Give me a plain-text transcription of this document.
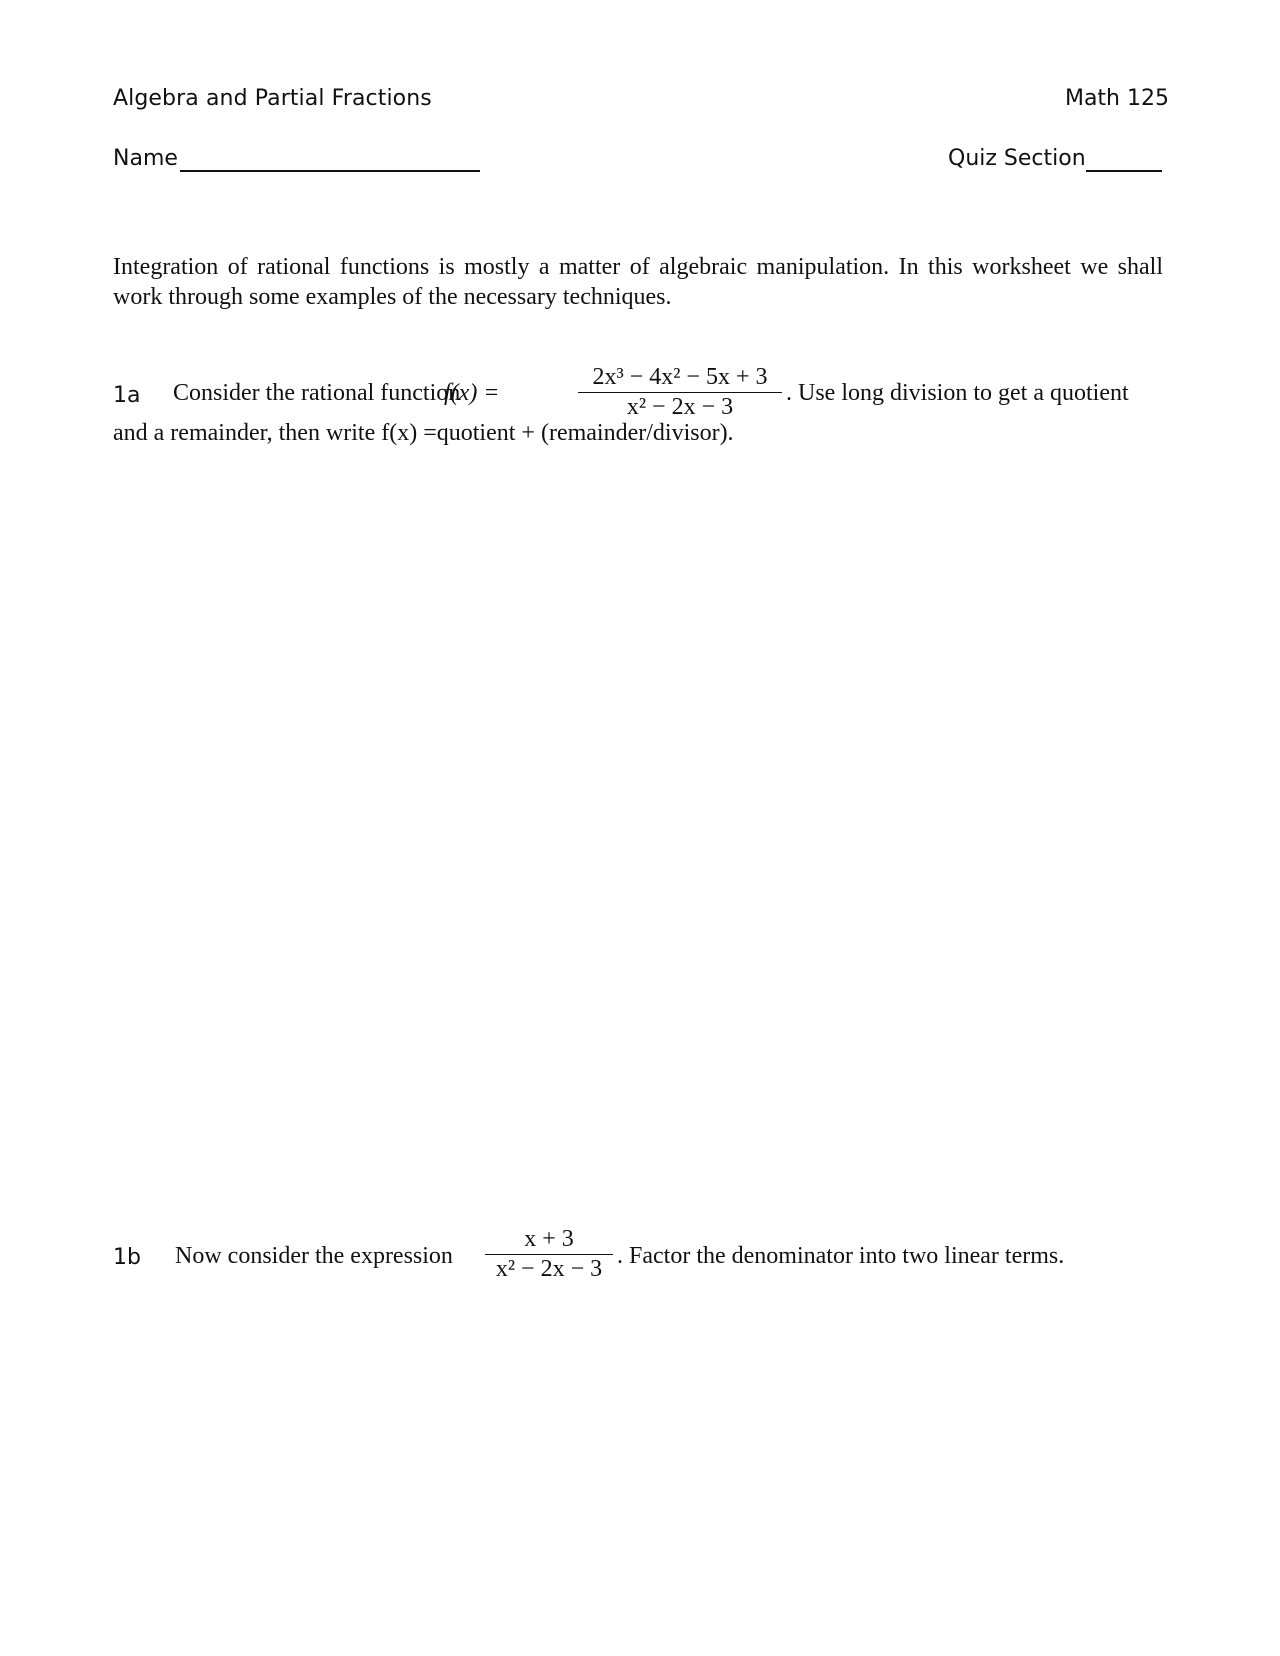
Algebra and Partial Fractions	Math 125
Name	Quiz Section
Integration of rational functions is mostly a matter of algebraic manipulation. In this worksheet we shall work through some examples of the necessary techniques.
1a Consider the rational function
f(x) =
2x³ − 4x² − 5x + 3
x² − 2x − 3
. Use long division to get a quotient
and a remainder, then write f(x) =quotient + (remainder/divisor).
1b Now consider the expression
x + 3
x² − 2x − 3 . Factor the denominator into two linear terms.
